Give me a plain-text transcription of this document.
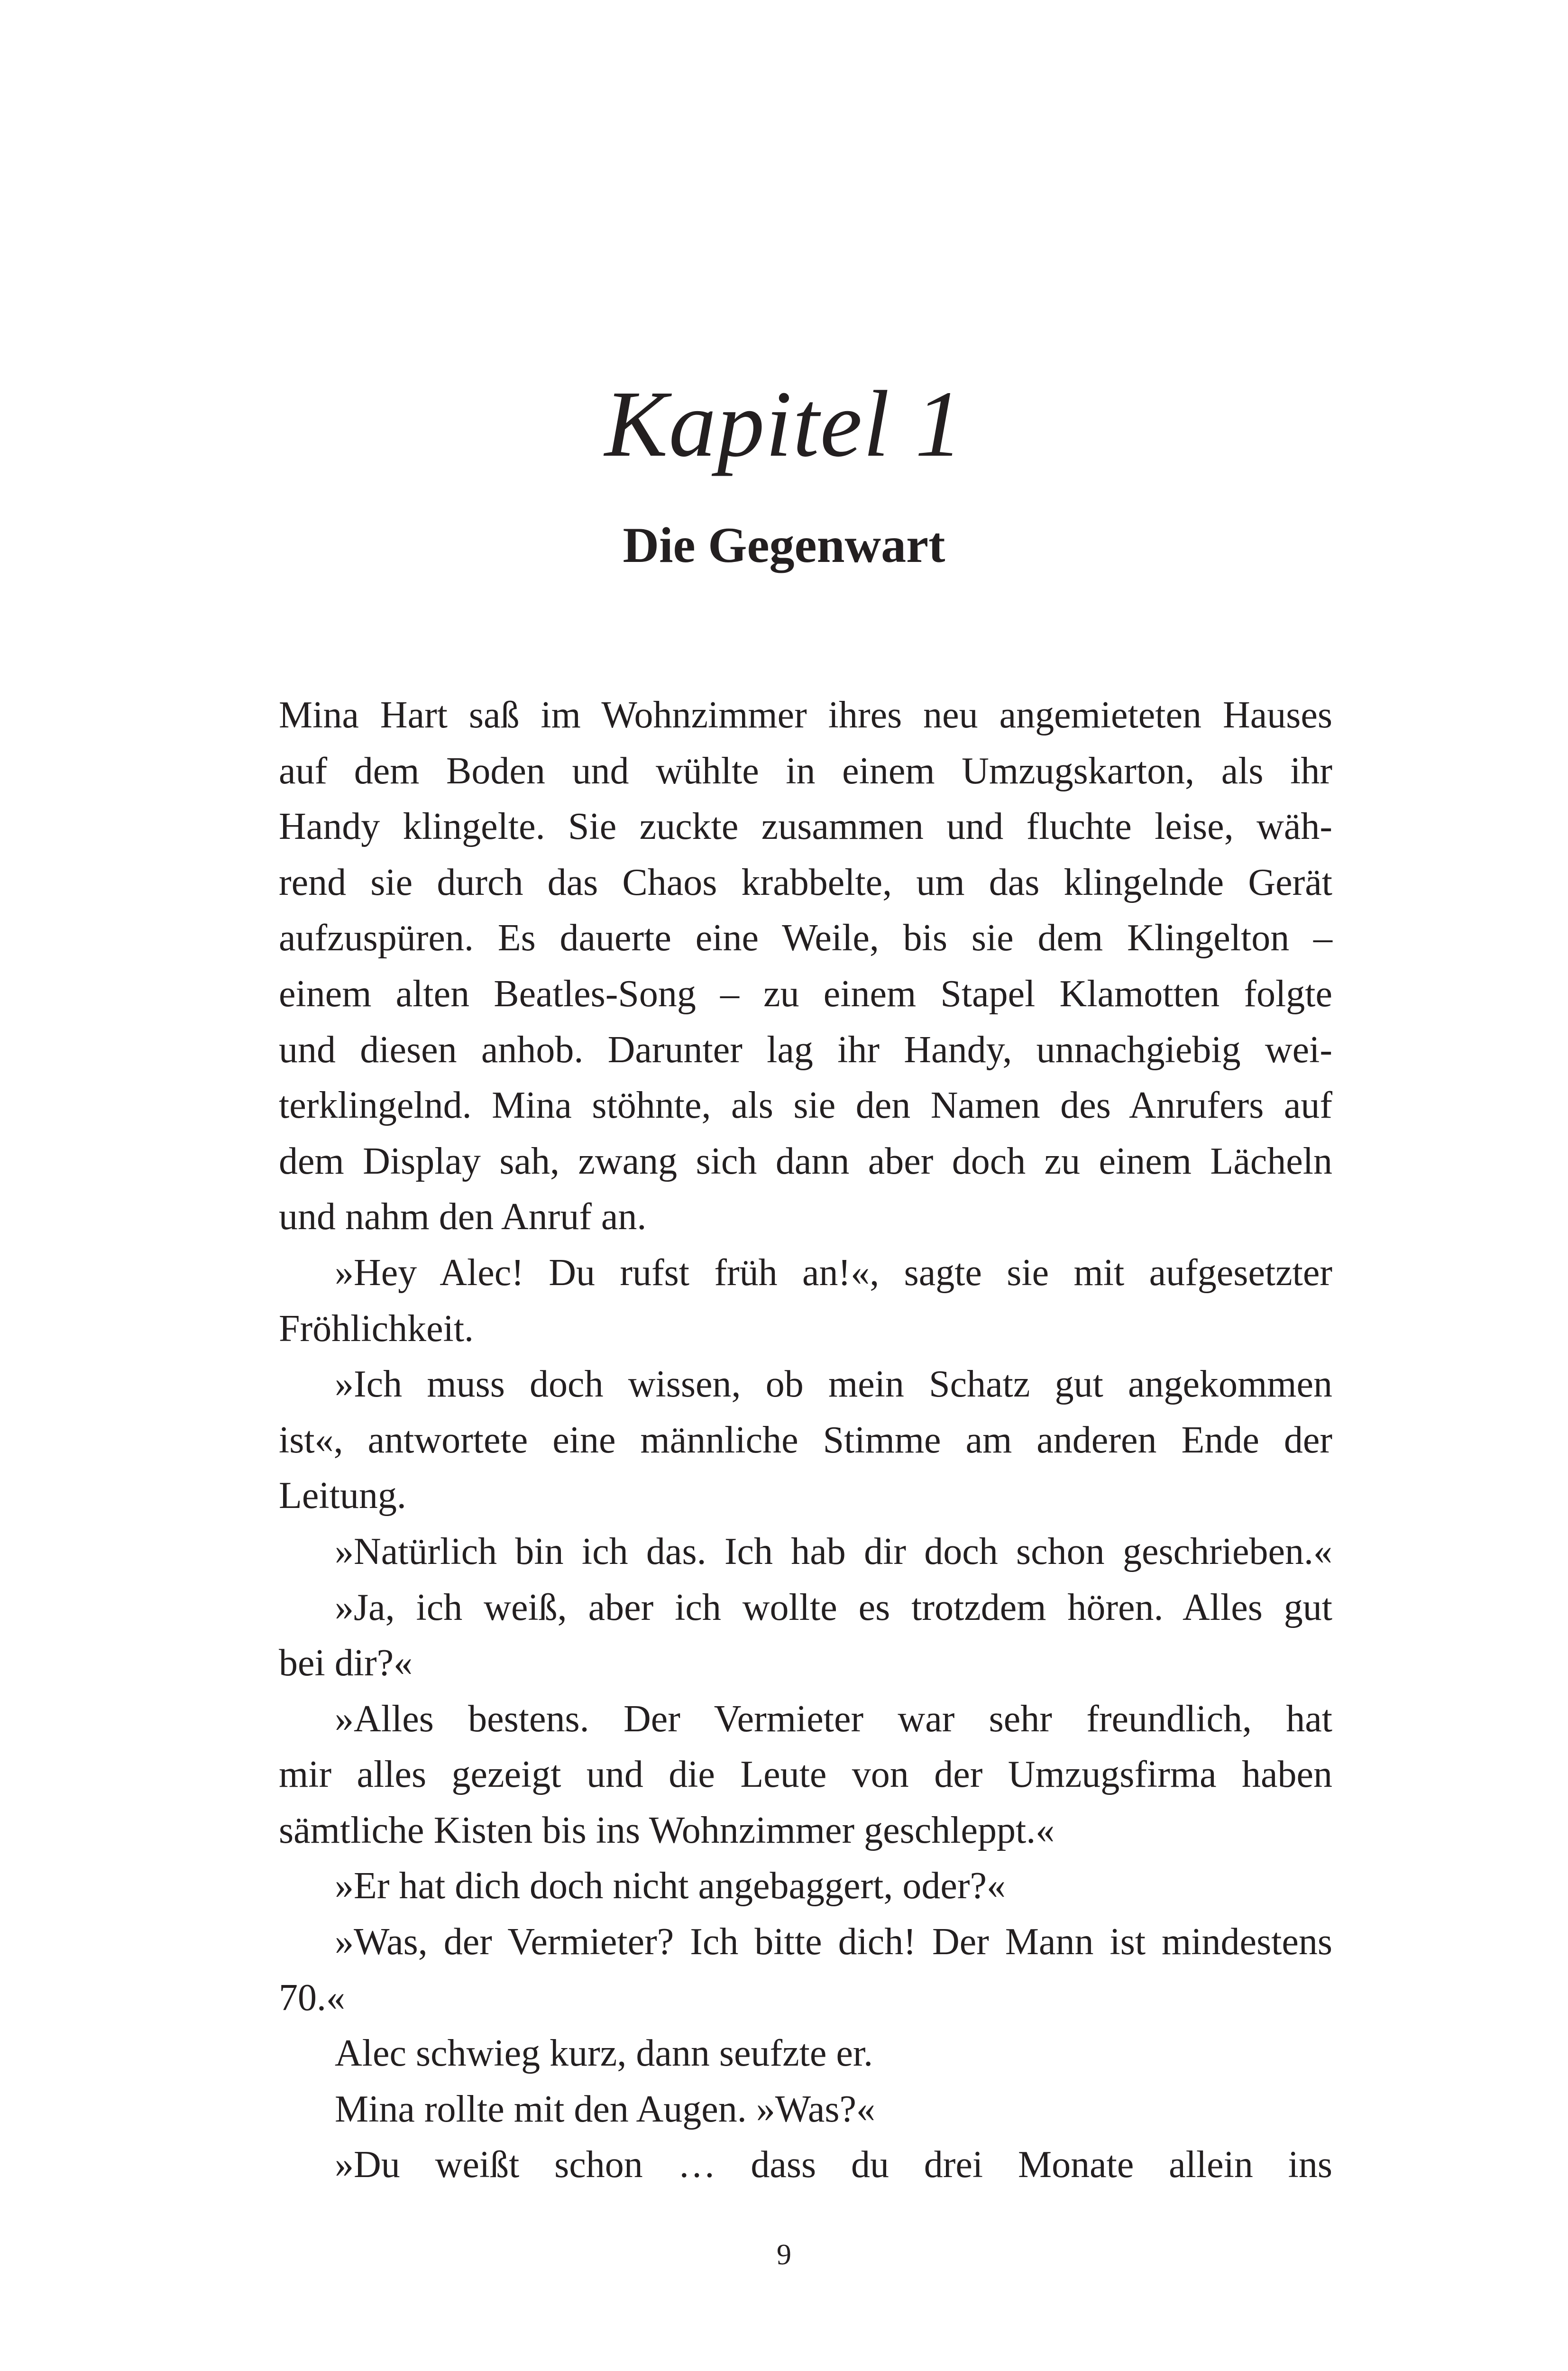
Kapitel 1
Die Gegenwart
Mina Hart saß im Wohnzimmer ihres neu angemieteten Hauses
auf dem Boden und wühlte in einem Umzugskarton, als ihr
Handy klingelte. Sie zuckte zusammen und fluchte leise, wäh-
rend sie durch das Chaos krabbelte, um das klingelnde Gerät
aufzuspüren. Es dauerte eine Weile, bis sie dem Klingelton –
einem alten Beatles-Song – zu einem Stapel Klamotten folgte
und diesen anhob. Darunter lag ihr Handy, unnachgiebig wei-
terklingelnd. Mina stöhnte, als sie den Namen des Anrufers auf
dem Display sah, zwang sich dann aber doch zu einem Lächeln
und nahm den Anruf an.
»Hey Alec! Du rufst früh an!«, sagte sie mit aufgesetzter
Fröhlichkeit.
»Ich muss doch wissen, ob mein Schatz gut angekommen
ist«, antwortete eine männliche Stimme am anderen Ende der
Leitung.
»Natürlich bin ich das. Ich hab dir doch schon geschrieben.«
»Ja, ich weiß, aber ich wollte es trotzdem hören. Alles gut
bei dir?«
»Alles bestens. Der Vermieter war sehr freundlich, hat
mir alles gezeigt und die Leute von der Umzugsfirma haben
sämtliche Kisten bis ins Wohnzimmer geschleppt.«
»Er hat dich doch nicht angebaggert, oder?«
»Was, der Vermieter? Ich bitte dich! Der Mann ist mindestens
70.«
Alec schwieg kurz, dann seufzte er.
Mina rollte mit den Augen. »Was?«
»Du weißt schon … dass du drei Monate allein ins
9
